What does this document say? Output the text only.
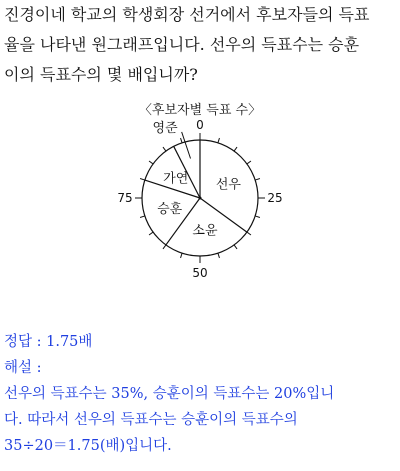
진경이네 학교의 학생회장 선거에서 후보자들의 득표
율을 나타낸 원그래프입니다. 선우의 득표수는 승훈
이의 득표수의 몇 배입니까?
〈후보자별 득표 수〉
0
25
50
75
선우
소윤
승훈
가연
영준
정답 : 1.75배
해설 :
선우의 득표수는 35%, 승훈이의 득표수는 20%입니
다. 따라서 선우의 득표수는 승훈이의 득표수의
35÷20＝1.75(배)입니다.
